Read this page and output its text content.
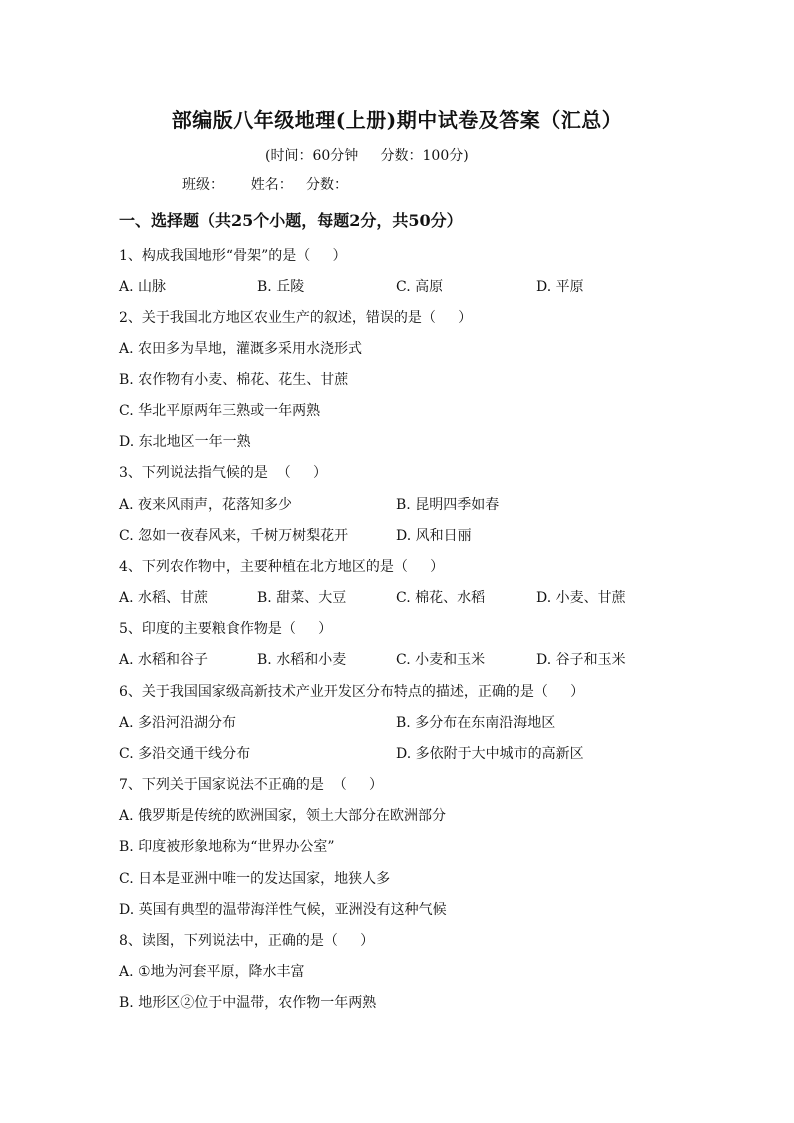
部编版八年级地理(上册)期中试卷及答案（汇总）
(时间：60分钟     分数：100分)
班级：      姓名：   分数：
一、选择题（共25个小题，每题2分，共50分）
1、构成我国地形“骨架”的是（     ）
A. 山脉	B. 丘陵	C. 高原	D. 平原
2、关于我国北方地区农业生产的叙述，错误的是（     ）
A. 农田多为旱地，灌溉多采用水浇形式
B. 农作物有小麦、棉花、花生、甘蔗
C. 华北平原两年三熟或一年两熟
D. 东北地区一年一熟
3、下列说法指气候的是  （     ）
A. 夜来风雨声，花落知多少	B. 昆明四季如春
C. 忽如一夜春风来，千树万树梨花开	D. 风和日丽
4、下列农作物中，主要种植在北方地区的是（     ）
A. 水稻、甘蔗	B. 甜菜、大豆	C. 棉花、水稻	D. 小麦、甘蔗
5、印度的主要粮食作物是（     ）
A. 水稻和谷子	B. 水稻和小麦	C. 小麦和玉米	D. 谷子和玉米
6、关于我国国家级高新技术产业开发区分布特点的描述，正确的是（     ）
A. 多沿河沿湖分布	B. 多分布在东南沿海地区
C. 多沿交通干线分布	D. 多依附于大中城市的高新区
7、下列关于国家说法不正确的是  （     ）
A. 俄罗斯是传统的欧洲国家，领土大部分在欧洲部分
B. 印度被形象地称为“世界办公室”
C. 日本是亚洲中唯一的发达国家，地狭人多
D. 英国有典型的温带海洋性气候，亚洲没有这种气候
8、读图，下列说法中，正确的是（     ）
A. ①地为河套平原，降水丰富
B. 地形区②位于中温带，农作物一年两熟
